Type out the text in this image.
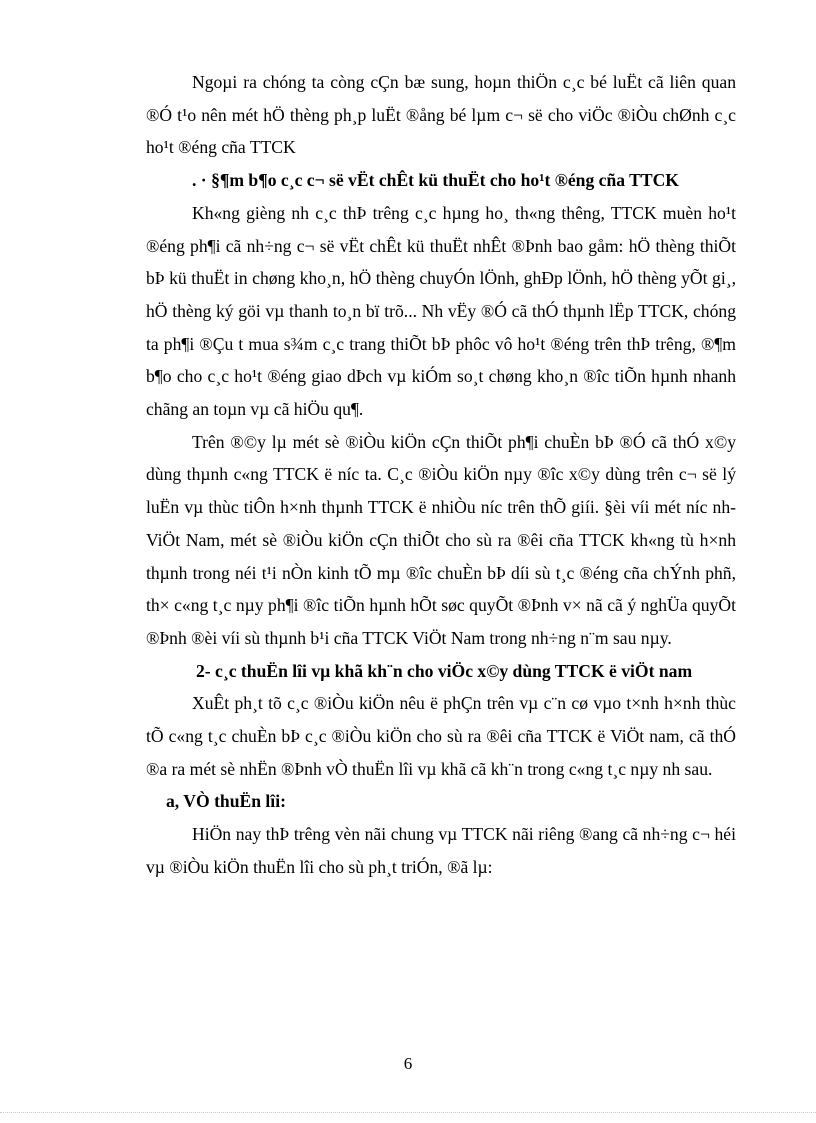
Ngoµi ra chóng ta còng cÇn bæ sung, hoµn thiÖn c¸c bé luËt cã liên quan ®Ó t¹o nên mét hÖ thèng ph¸p luËt ®ång bé lµm c¬ së cho viÖc ®iÒu chØnh c¸c ho¹t ®éng cña TTCK

. · §¶m b¶o c¸c c¬ së vËt chÊt kü thuËt cho ho¹t ®éng cña TTCK

Kh«ng gièng nh c¸c thÞ trêng c¸c hµng ho¸ th«ng thêng, TTCK muèn ho¹t ®éng ph¶i cã nh÷ng c¬ së vËt chÊt kü thuËt nhÊt ®Þnh bao gåm: hÖ thèng thiÕt bÞ kü thuËt in chøng kho¸n, hÖ thèng chuyÓn lÖnh, ghÐp lÖnh, hÖ thèng yÕt gi¸, hÖ thèng ký göi vµ thanh to¸n bï trõ... Nh vËy ®Ó cã thÓ thµnh lËp TTCK, chóng ta ph¶i ®Çu t mua s¾m c¸c trang thiÕt bÞ phôc vô ho¹t ®éng trên thÞ trêng, ®¶m b¶o cho c¸c ho¹t ®éng giao dÞch vµ kiÓm so¸t chøng kho¸n ®îc tiÕn hµnh nhanh chãng an toµn vµ cã hiÖu qu¶.

Trên ®©y lµ mét sè ®iÒu kiÖn cÇn thiÕt ph¶i chuÈn bÞ ®Ó cã thÓ x©y dùng thµnh c«ng TTCK ë níc ta. C¸c ®iÒu kiÖn nµy ®îc x©y dùng trên c¬ së lý luËn vµ thùc tiÔn h×nh thµnh TTCK ë nhiÒu níc trên thÕ giíi. §èi víi mét níc nh ViÖt Nam, mét sè ®iÒu kiÖn cÇn thiÕt cho sù ra ®êi cña TTCK kh«ng tù h×nh thµnh trong néi t¹i nÒn kinh tÕ mµ ®îc chuÈn bÞ díi sù t¸c ®éng cña chÝnh phñ, th× c«ng t¸c nµy ph¶i ®îc tiÕn hµnh hÕt søc quyÕt ®Þnh v× nã cã ý nghÜa quyÕt ®Þnh ®èi víi sù thµnh b¹i cña TTCK ViÖt Nam trong nh÷ng n¨m sau nµy.

2- c¸c thuËn lîi vµ khã kh¨n cho viÖc x©y dùng TTCK ë viÖt nam

XuÊt ph¸t tõ c¸c ®iÒu kiÖn nêu ë phÇn trên vµ c¨n cø vµo t×nh h×nh thùc tÕ c«ng t¸c chuÈn bÞ c¸c ®iÒu kiÖn cho sù ra ®êi cña TTCK ë ViÖt nam, cã thÓ ®a ra mét sè nhËn ®Þnh vÒ thuËn lîi vµ khã cã kh¨n trong c«ng t¸c nµy nh sau.

a, VÒ thuËn lîi:

HiÖn nay thÞ trêng vèn nãi chung vµ TTCK nãi riêng ®ang cã nh÷ng c¬ héi vµ ®iÒu kiÖn thuËn lîi cho sù ph¸t triÓn, ®ã lµ:

6
